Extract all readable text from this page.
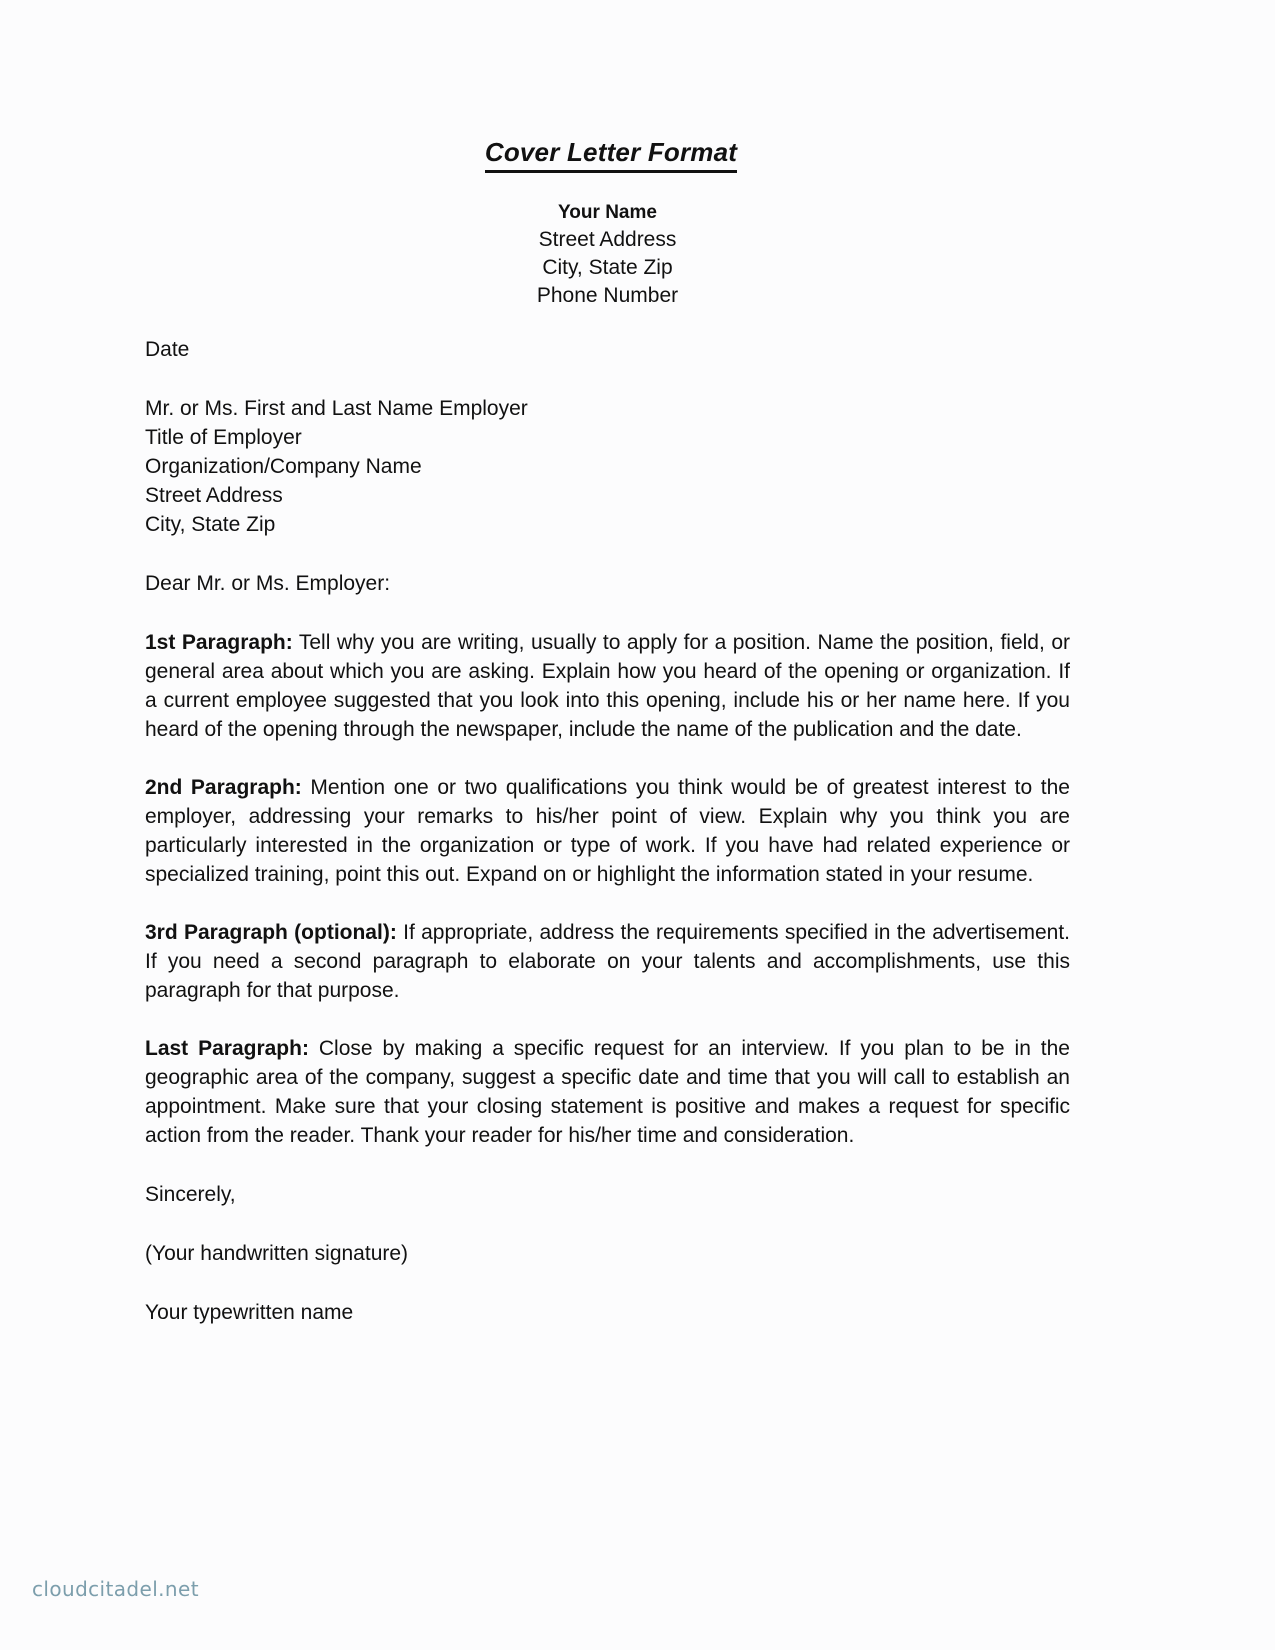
Cover Letter Format
Your Name
Street Address
City, State Zip
Phone Number
Date
Mr. or Ms. First and Last Name Employer
Title of Employer
Organization/Company Name
Street Address
City, State Zip
Dear Mr. or Ms. Employer:

1st Paragraph: Tell why you are writing, usually to apply for a position. Name the position, field, or general area about which you are asking. Explain how you heard of the opening or organization. If a current employee suggested that you look into this opening, include his or her name here. If you heard of the opening through the newspaper, include the name of the publication and the date.

2nd Paragraph: Mention one or two qualifications you think would be of greatest interest to the employer, addressing your remarks to his/her point of view. Explain why you think you are particularly interested in the organization or type of work. If you have had related experience or specialized training, point this out. Expand on or highlight the information stated in your resume.

3rd Paragraph (optional): If appropriate, address the requirements specified in the advertisement. If you need a second paragraph to elaborate on your talents and accomplishments, use this paragraph for that purpose.

Last Paragraph: Close by making a specific request for an interview. If you plan to be in the geographic area of the company, suggest a specific date and time that you will call to establish an appointment. Make sure that your closing statement is positive and makes a request for specific action from the reader. Thank your reader for his/her time and consideration.

Sincerely,
(Your handwritten signature)
Your typewritten name
cloudcitadel.net
